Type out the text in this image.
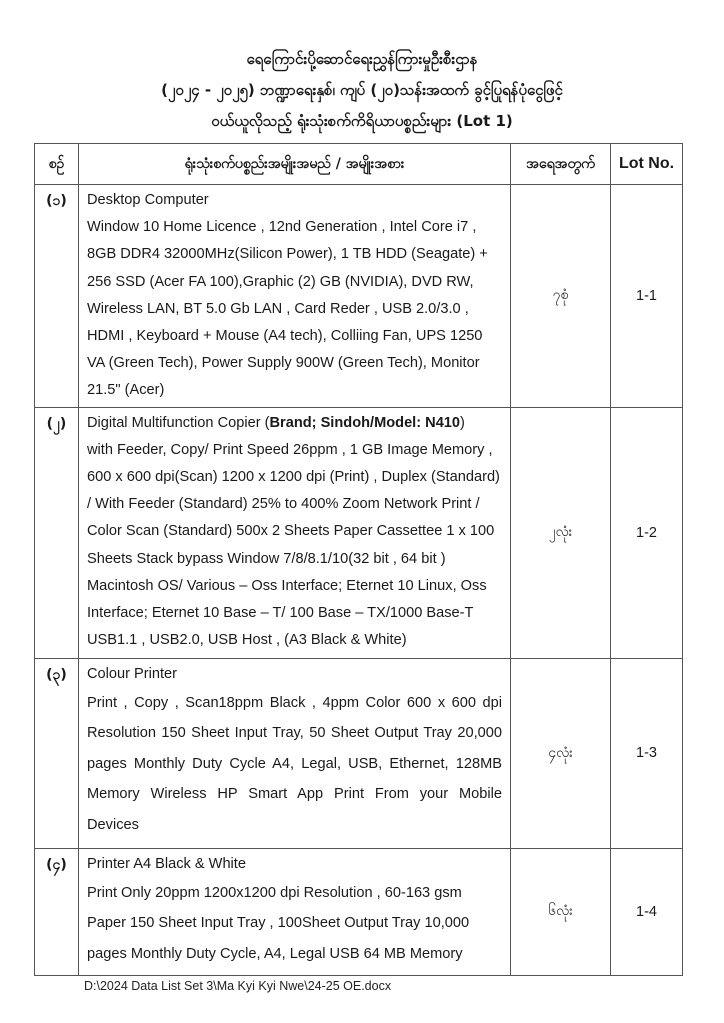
ရေကြောင်းပို့ဆောင်ရေးညွှန်ကြားမှုဦးစီးဌာန
(၂၀၂၄ - ၂၀၂၅) ဘဏ္ဍာရေးနှစ်၊ ကျပ် (၂၀)သန်းအထက် ခွင့်ပြုရန်ပုံငွေဖြင့်
ဝယ်ယူလိုသည့် ရုံးသုံးစက်ကိရိယာပစ္စည်းများ (Lot 1)
စဉ်	ရုံးသုံးစက်ပစ္စည်းအမျိုးအမည် / အမျိုးအစား	အရေအတွက်	Lot No.
(၁)	Desktop Computer
Window 10 Home Licence , 12nd Generation , Intel Core i7 , 8GB DDR4 32000MHz(Silicon Power), 1 TB HDD (Seagate) + 256 SSD (Acer FA 100),Graphic (2) GB (NVIDIA), DVD RW, Wireless LAN, BT 5.0 Gb LAN , Card Reder , USB 2.0/3.0 , HDMI , Keyboard + Mouse (A4 tech), Colliing Fan, UPS 1250 VA (Green Tech), Power Supply 900W (Green Tech), Monitor 21.5" (Acer)	၇စုံ	1-1
(၂)	Digital Multifunction Copier (Brand; Sindoh/Model: N410)
with Feeder, Copy/ Print Speed 26ppm , 1 GB Image Memory , 600 x 600 dpi(Scan) 1200 x 1200 dpi (Print) , Duplex (Standard) / With Feeder (Standard) 25% to 400% Zoom Network Print / Color Scan (Standard) 500x 2 Sheets Paper Cassettee 1 x 100 Sheets Stack bypass Window 7/8/8.1/10(32 bit , 64 bit ) Macintosh OS/ Various – Oss Interface; Eternet 10 Linux, Oss Interface; Eternet 10 Base – T/ 100 Base – TX/1000 Base-T USB1.1 , USB2.0, USB Host , (A3 Black & White)	၂လုံး	1-2
(၃)	Colour Printer
Print , Copy , Scan18ppm Black , 4ppm Color 600 x 600 dpi Resolution 150 Sheet Input Tray, 50 Sheet Output Tray 20,000 pages Monthly Duty Cycle A4, Legal, USB, Ethernet, 128MB Memory Wireless HP Smart App Print From your Mobile Devices	၄လုံး	1-3
(၄)	Printer A4 Black & White
Print Only 20ppm 1200x1200 dpi Resolution , 60-163 gsm Paper 150 Sheet Input Tray , 100Sheet Output Tray 10,000 pages Monthly Duty Cycle, A4, Legal USB 64 MB Memory	၆လုံး	1-4
D:\2024 Data List Set 3\Ma Kyi Kyi Nwe\24-25 OE.docx
